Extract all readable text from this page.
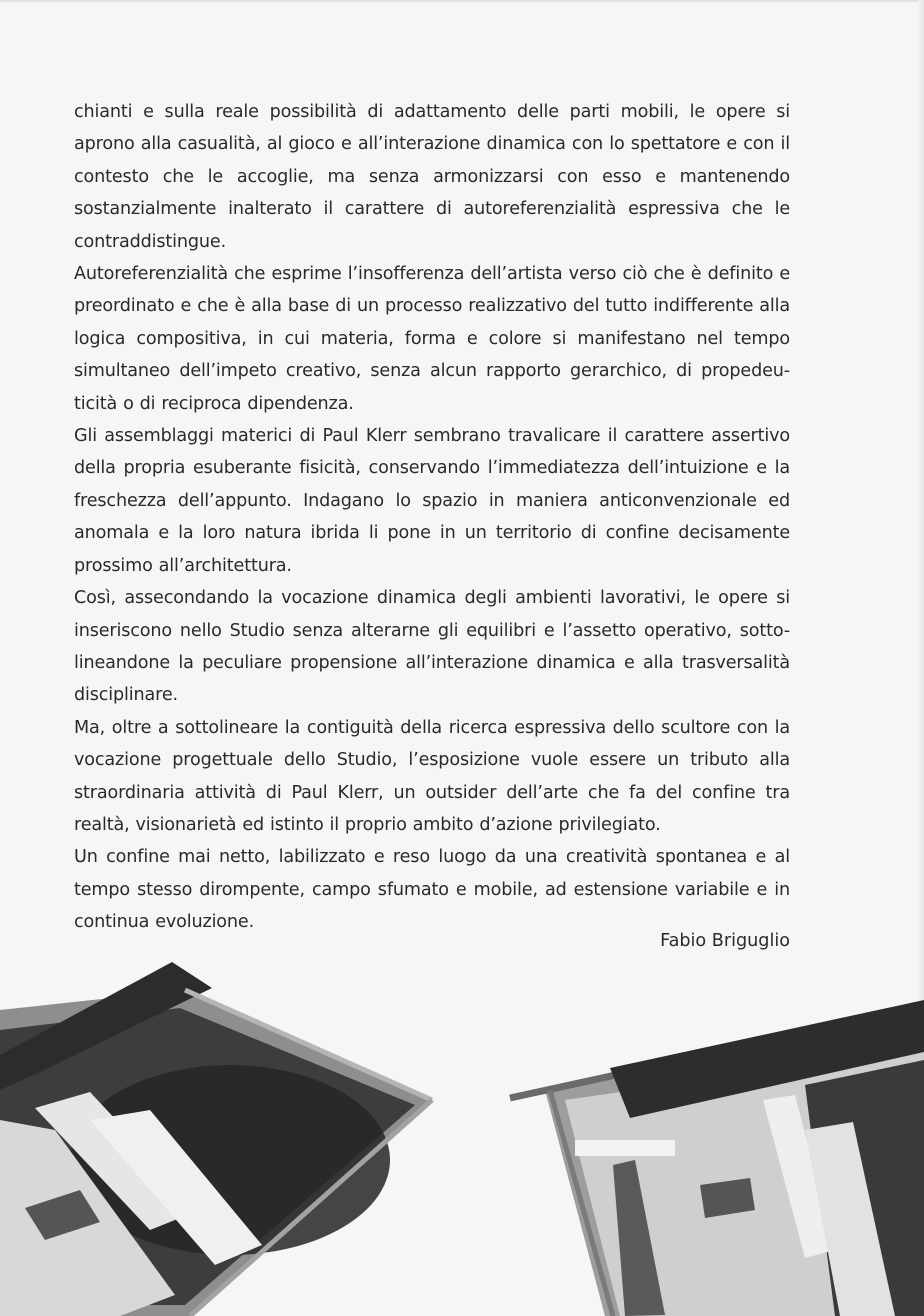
chianti e sulla reale possibilità di adattamento delle parti mobili, le opere si aprono alla casualità, al gioco e all’interazione dinamica con lo spettatore e con il contesto che le accoglie, ma senza armonizzarsi con esso e mantenendo sostanzialmente inalterato il carattere di autoreferenzialità espressiva che le contraddistingue.

Autoreferenzialità che esprime l’insofferenza dell’artista verso ciò che è definito e preordinato e che è alla base di un processo realizzativo del tutto indifferente alla logica compositiva, in cui materia, forma e colore si manifestano nel tempo simultaneo dell’impeto creativo, senza alcun rapporto gerarchico, di propedeu-ticità o di reciproca dipendenza.

Gli assemblaggi materici di Paul Klerr sembrano travalicare il carattere assertivo della propria esuberante fisicità, conservando l’immediatezza dell’intuizione e la freschezza dell’appunto. Indagano lo spazio in maniera anticonvenzionale ed anomala e la loro natura ibrida li pone in un territorio di confine decisamente prossimo all’architettura.

Così, assecondando la vocazione dinamica degli ambienti lavorativi, le opere si inseriscono nello Studio senza alterarne gli equilibri e l’assetto operativo, sotto-lineandone la peculiare propensione all’interazione dinamica e alla trasversalità disciplinare.

Ma, oltre a sottolineare la contiguità della ricerca espressiva dello scultore con la vocazione progettuale dello Studio, l’esposizione vuole essere un tributo alla straordinaria attività di Paul Klerr, un outsider dell’arte che fa del confine tra realtà, visionarietà ed istinto il proprio ambito d’azione privilegiato.

Un confine mai netto, labilizzato e reso luogo da una creatività spontanea e al tempo stesso dirompente, campo sfumato e mobile, ad estensione variabile e in continua evoluzione.

Fabio Briguglio
